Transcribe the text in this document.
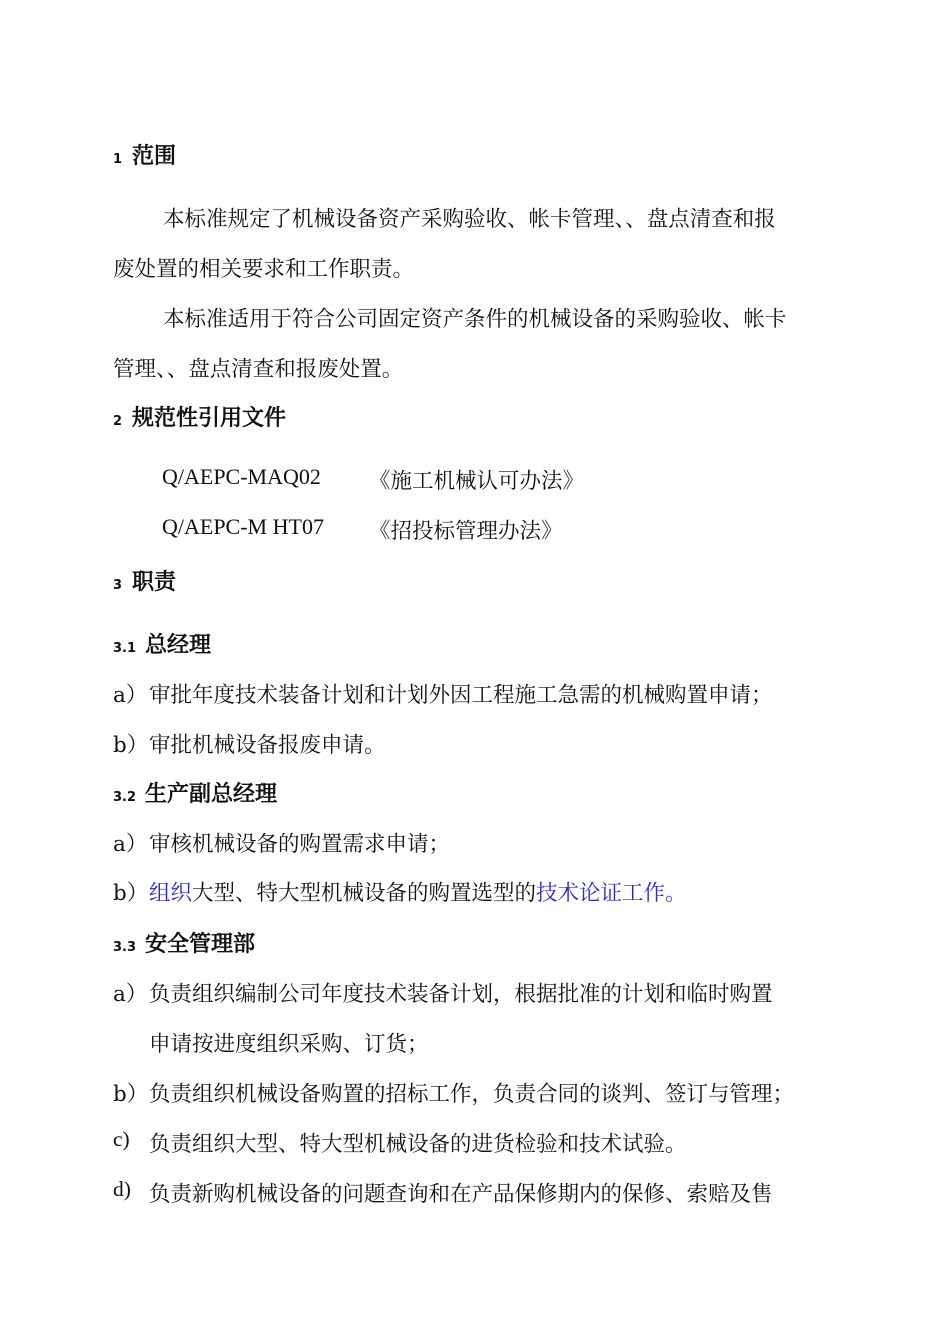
1 范围
本标准规定了机械设备资产采购验收、帐卡管理、、盘点清查和报
废处置的相关要求和工作职责。
本标准适用于符合公司固定资产条件的机械设备的采购验收、帐卡
管理、、盘点清查和报废处置。
2 规范性引用文件
Q/AEPC-MAQ02 《施工机械认可办法》
Q/AEPC-M HT07 《招投标管理办法》
3 职责
3.1 总经理
a） 审批年度技术装备计划和计划外因工程施工急需的机械购置申请；
b） 审批机械设备报废申请。
3.2 生产副总经理
a） 审核机械设备的购置需求申请；
b） 组织大型、特大型机械设备的购置选型的技术论证工作。
3.3 安全管理部
a） 负责组织编制公司年度技术装备计划，根据批准的计划和临时购置
申请按进度组织采购、订货；
b） 负责组织机械设备购置的招标工作，负责合同的谈判、签订与管理；
c) 负责组织大型、特大型机械设备的进货检验和技术试验。
d) 负责新购机械设备的问题查询和在产品保修期内的保修、索赔及售
